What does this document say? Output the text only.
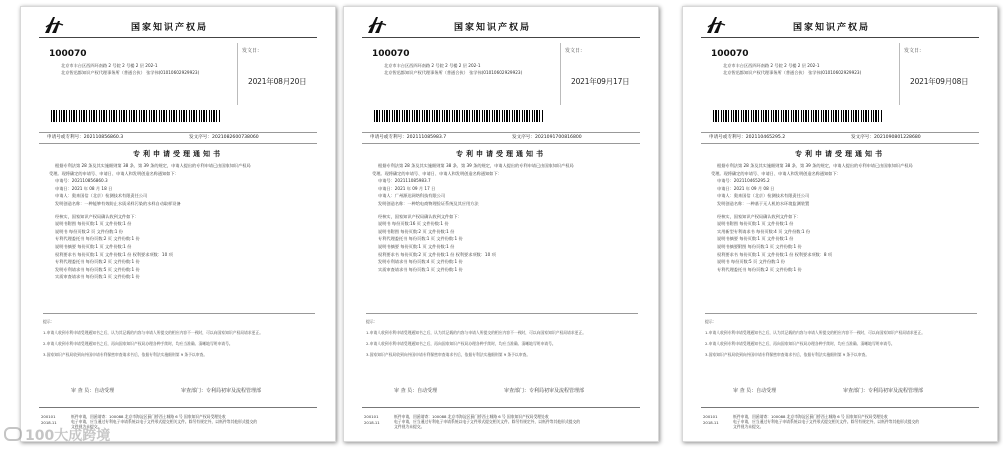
国家知识产权局
100070
北京市丰台区西四环南路 2 号院 2 号楼 2 层 202-1
北京智迅都知识产权代理事务所（普通合伙） 张学伟(01010602929923)
发文日：
2021年08月20日
申请号或专利号：202110856860.3	发文序号：2021082600738060
专利申请受理通知书

根据专利法第 28 条及其实施细则第 38 条、第 39 条的规定，申请人提出的专利申请已由国家知识产权局

受理。现将确定的申请号、申请日、申请人和发明创造名称通知如下：

申请号：202110856860.3

申请日：2021 年 08 月 18 日

申请人：奥来国信（北京）检测技术有限责任公司

发明创造名称：一种能够有效防止水质采样污染的水样自动取样设备

经核实，国家知识产权局确认收到文件如下：

说明书附图 每份页数:1 页 文件份数:1 份

说明书 每份页数:2 页 文件份数:1 份

专利代理委托书 每份页数:2 页 文件份数:1 份

说明书摘要 每份页数:1 页 文件份数:1 份

权利要求书 每份页数:1 页 文件份数:1 份 权利要求项数：10 项

专利代理委托书 每份页数:2 页 文件份数:1 份

发明专利请求书 每份页数:5 页 文件份数:1 份

实质审查请求书 每份页数:1 页 文件份数:1 份

提示：

1.申请人收到专利申请受理通知书之后，认为其记载的内容与申请人所提交的相应内容不一致时，可以向国家知识产权局请求更正。

2.申请人收到专利申请受理通知书之后，再向国家知识产权局办理各种手续时，均应当准确、清晰地写明申请号。

3.国家知识产权局收到向外国申请专利保密审查请求书后，依据专利法实施细则第 9 条予以审查。

审 查 员：自动受理	审查部门：专利局初审及流程管理部
200101
2018.11
纸件申请，回函请寄：100088 北京市海淀区蓟门桥西土城路 6 号 国家知识产权局受理处收
电子申请，应当通过专利电子申请系统以电子文件形式提交相关文件。除另有规定外，以纸件等其他形式提交的
文件视为未提交。
国家知识产权局
100070
北京市丰台区西四环南路 2 号院 2 号楼 2 层 202-1
北京智迅都知识产权代理事务所（普通合伙） 张学伟(01010602929923)
发文日：
2021年09月17日
申请号或专利号：202111085983.7	发文序号：2021091700816800
专利申请受理通知书

根据专利法第 28 条及其实施细则第 38 条、第 39 条的规定，申请人提出的专利申请已由国家知识产权局

受理。现将确定的申请号、申请日、申请人和发明创造名称通知如下：

申请号：202111085983.7

申请日：2021 年 09 月 17 日

申请人：广州源达网络科技有限公司

发明创造名称：一种给电商物理验证系统及其应用方法

经核实，国家知识产权局确认收到文件如下：

说明书 每份页数:16 页 文件份数:1 份

说明书附图 每份页数:2 页 文件份数:1 份

专利代理委托书 每份页数:1 页 文件份数:1 份

说明书摘要 每份页数:1 页 文件份数:1 份

权利要求书 每份页数:2 页 文件份数:1 份 权利要求项数：10 项

发明专利请求书 每份页数:4 页 文件份数:1 份

实质审查请求书 每份页数:1 页 文件份数:1 份

提示：

1.申请人收到专利申请受理通知书之后，认为其记载的内容与申请人所提交的相应内容不一致时，可以向国家知识产权局请求更正。

2.申请人收到专利申请受理通知书之后，再向国家知识产权局办理各种手续时，均应当准确、清晰地写明申请号。

3.国家知识产权局收到向外国申请专利保密审查请求书后，依据专利法实施细则第 9 条予以审查。

审 查 员：自动受理	审查部门：专利局初审及流程管理部
200101
2018.11
纸件申请，回函请寄：100088 北京市海淀区蓟门桥西土城路 6 号 国家知识产权局受理处收
电子申请，应当通过专利电子申请系统以电子文件形式提交相关文件。除另有规定外，以纸件等其他形式提交的
文件视为未提交。
国家知识产权局
100070
北京市丰台区西四环南路 2 号院 2 号楼 2 层 202-1
北京智迅都知识产权代理事务所（普通合伙） 张学伟(01010602929923)
发文日：
2021年09月08日
申请号或专利号：202110465295.2	发文序号：2021090801228680
专利申请受理通知书

根据专利法第 28 条及其实施细则第 38 条、第 39 条的规定，申请人提出的专利申请已由国家知识产权局

受理。现将确定的申请号、申请日、申请人和发明创造名称通知如下：

申请号：202110465295.2

申请日：2021 年 09 月 08 日

申请人：奥来国信（北京）检测技术有限责任公司

发明创造名称：一种基于无人机的水环境监测装置

经核实，国家知识产权局确认收到文件如下：

说明书附图 每份页数:1 页 文件份数:1 份

实用新型专利请求书 每份页数:4 页 文件份数:1 份

说明书摘要 每份页数:1 页 文件份数:1 份

说明书摘要附图 每份页数:1 页 文件份数:1 份

权利要求书 每份页数:1 页 文件份数:1 份 权利要求项数：8 项

说明书 每份页数:5 页 文件份数:1 份

专利代理委托书 每份页数:2 页 文件份数:1 份

提示：

1.申请人收到专利申请受理通知书之后，认为其记载的内容与申请人所提交的相应内容不一致时，可以向国家知识产权局请求更正。

2.申请人收到专利申请受理通知书之后，再向国家知识产权局办理各种手续时，均应当准确、清晰地写明申请号。

3.国家知识产权局收到向外国申请专利保密审查请求书后，依据专利法实施细则第 9 条予以审查。

审 查 员：自动受理	审查部门：专利局初审及流程管理部
200101
2018.11
纸件申请，回函请寄：100088 北京市海淀区蓟门桥西土城路 6 号 国家知识产权局受理处收
电子申请，应当通过专利电子申请系统以电子文件形式提交相关文件。除另有规定外，以纸件等其他形式提交的
文件视为未提交。
100大成跨境
